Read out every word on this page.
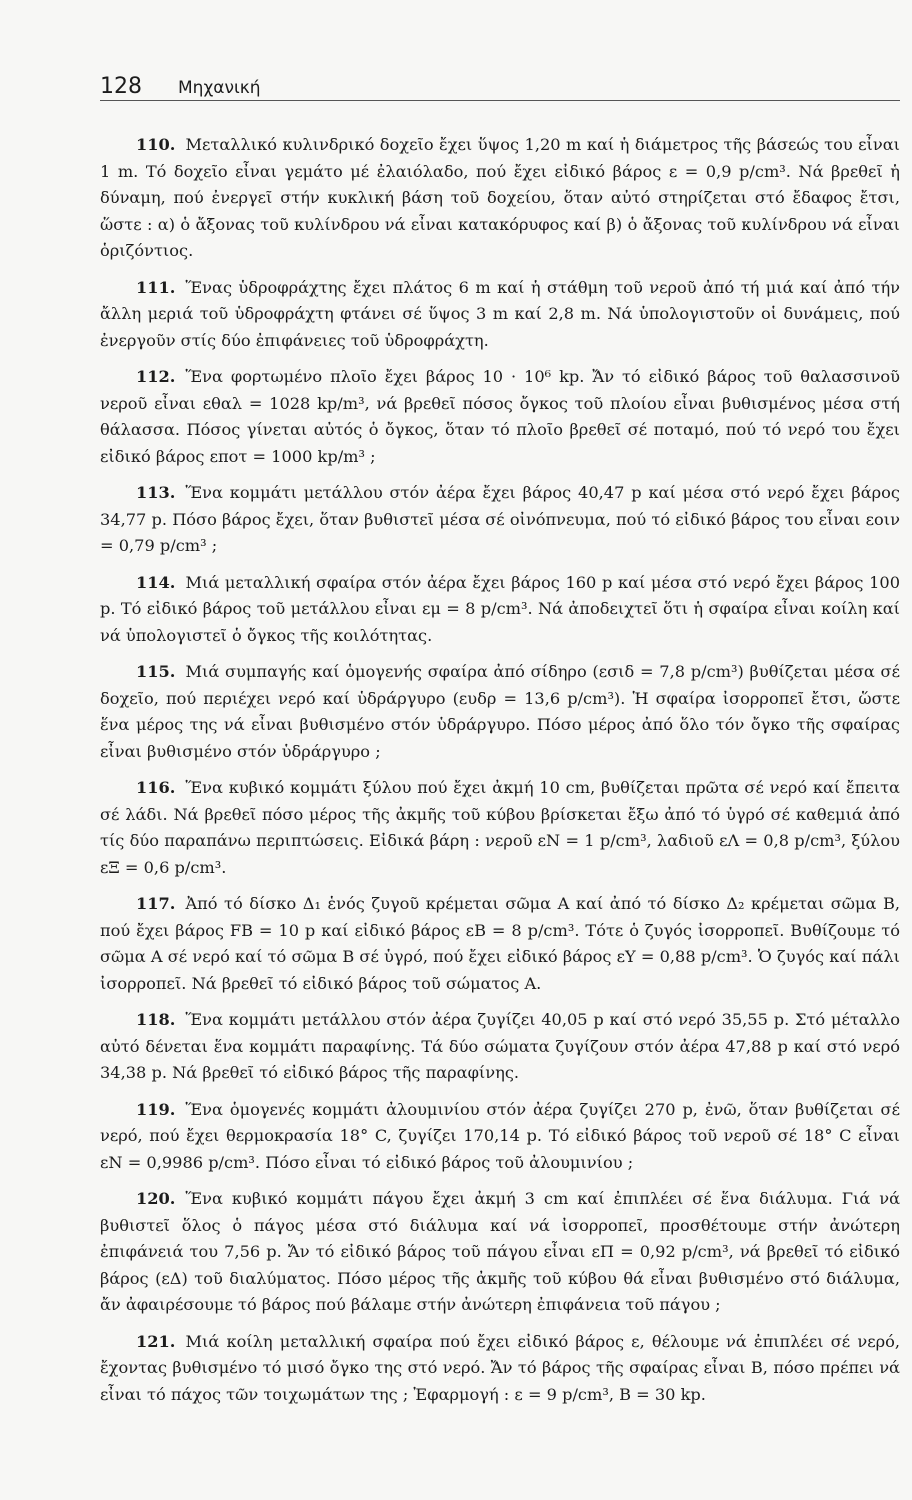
128 Μηχανική

110. Μεταλλικό κυλινδρικό δοχεῖο ἔχει ὕψος 1,20 m καί ἡ διάμετρος τῆς βάσεώς του εἶναι 1 m. Τό δοχεῖο εἶναι γεμάτο μέ ἐλαιόλαδο, πού ἔχει εἰδικό βάρος ε = 0,9 p/cm³. Νά βρεθεῖ ἡ δύναμη, πού ἐνεργεῖ στήν κυκλική βάση τοῦ δοχείου, ὅταν αὐτό στηρίζεται στό ἔδαφος ἔτσι, ὥστε : α) ὁ ἄξονας τοῦ κυλίνδρου νά εἶναι κατακόρυφος καί β) ὁ ἄξονας τοῦ κυλίνδρου νά εἶναι ὁριζόντιος.

111. Ἕνας ὑδροφράχτης ἔχει πλάτος 6 m καί ἡ στάθμη τοῦ νεροῦ ἀπό τή μιά καί ἀπό τήν ἄλλη μεριά τοῦ ὑδροφράχτη φτάνει σέ ὕψος 3 m καί 2,8 m. Νά ὑπολογιστοῦν οἱ δυνάμεις, πού ἐνεργοῦν στίς δύο ἐπιφάνειες τοῦ ὑδροφράχτη.

112. Ἕνα φορτωμένο πλοῖο ἔχει βάρος 10 · 10⁶ kp. Ἄν τό εἰδικό βάρος τοῦ θαλασσινοῦ νεροῦ εἶναι εθαλ = 1028 kp/m³, νά βρεθεῖ πόσος ὄγκος τοῦ πλοίου εἶναι βυθισμένος μέσα στή θάλασσα. Πόσος γίνεται αὐτός ὁ ὄγκος, ὅταν τό πλοῖο βρεθεῖ σέ ποταμό, πού τό νερό του ἔχει εἰδικό βάρος εποτ = 1000 kp/m³ ;

113. Ἕνα κομμάτι μετάλλου στόν ἀέρα ἔχει βάρος 40,47 p καί μέσα στό νερό ἔχει βάρος 34,77 p. Πόσο βάρος ἔχει, ὅταν βυθιστεῖ μέσα σέ οἰνόπνευμα, πού τό εἰδικό βάρος του εἶναι εοιν = 0,79 p/cm³ ;

114. Μιά μεταλλική σφαίρα στόν ἀέρα ἔχει βάρος 160 p καί μέσα στό νερό ἔχει βάρος 100 p. Τό εἰδικό βάρος τοῦ μετάλλου εἶναι εμ = 8 p/cm³. Νά ἀποδειχτεῖ ὅτι ἡ σφαίρα εἶναι κοίλη καί νά ὑπολογιστεῖ ὁ ὄγκος τῆς κοιλότητας.

115. Μιά συμπαγής καί ὁμογενής σφαίρα ἀπό σίδηρο (εσιδ = 7,8 p/cm³) βυθίζεται μέσα σέ δοχεῖο, πού περιέχει νερό καί ὑδράργυρο (ευδρ = 13,6 p/cm³). Ἡ σφαίρα ἰσορροπεῖ ἔτσι, ὥστε ἕνα μέρος της νά εἶναι βυθισμένο στόν ὑδράργυρο. Πόσο μέρος ἀπό ὅλο τόν ὄγκο τῆς σφαίρας εἶναι βυθισμένο στόν ὑδράργυρο ;

116. Ἕνα κυβικό κομμάτι ξύλου πού ἔχει ἀκμή 10 cm, βυθίζεται πρῶτα σέ νερό καί ἔπειτα σέ λάδι. Νά βρεθεῖ πόσο μέρος τῆς ἀκμῆς τοῦ κύβου βρίσκεται ἔξω ἀπό τό ὑγρό σέ καθεμιά ἀπό τίς δύο παραπάνω περιπτώσεις. Εἰδικά βάρη : νεροῦ εN = 1 p/cm³, λαδιοῦ εΛ = 0,8 p/cm³, ξύλου εΞ = 0,6 p/cm³.

117. Ἀπό τό δίσκο Δ₁ ἑνός ζυγοῦ κρέμεται σῶμα Α καί ἀπό τό δίσκο Δ₂ κρέμεται σῶμα Β, πού ἔχει βάρος FB = 10 p καί εἰδικό βάρος εB = 8 p/cm³. Τότε ὁ ζυγός ἰσορροπεῖ. Βυθίζουμε τό σῶμα Α σέ νερό καί τό σῶμα Β σέ ὑγρό, πού ἔχει εἰδικό βάρος εY = 0,88 p/cm³. Ὁ ζυγός καί πάλι ἰσορροπεῖ. Νά βρεθεῖ τό εἰδικό βάρος τοῦ σώματος Α.

118. Ἕνα κομμάτι μετάλλου στόν ἀέρα ζυγίζει 40,05 p καί στό νερό 35,55 p. Στό μέταλλο αὐτό δένεται ἕνα κομμάτι παραφίνης. Τά δύο σώματα ζυγίζουν στόν ἀέρα 47,88 p καί στό νερό 34,38 p. Νά βρεθεῖ τό εἰδικό βάρος τῆς παραφίνης.

119. Ἕνα ὁμογενές κομμάτι ἀλουμινίου στόν ἀέρα ζυγίζει 270 p, ἐνῶ, ὅταν βυθίζεται σέ νερό, πού ἔχει θερμοκρασία 18° C, ζυγίζει 170,14 p. Τό εἰδικό βάρος τοῦ νεροῦ σέ 18° C εἶναι εN = 0,9986 p/cm³. Πόσο εἶναι τό εἰδικό βάρος τοῦ ἀλουμινίου ;

120. Ἕνα κυβικό κομμάτι πάγου ἔχει ἀκμή 3 cm καί ἐπιπλέει σέ ἕνα διάλυμα. Γιά νά βυθιστεῖ ὅλος ὁ πάγος μέσα στό διάλυμα καί νά ἰσορροπεῖ, προσθέτουμε στήν ἀνώτερη ἐπιφάνειά του 7,56 p. Ἄν τό εἰδικό βάρος τοῦ πάγου εἶναι εΠ = 0,92 p/cm³, νά βρεθεῖ τό εἰδικό βάρος (εΔ) τοῦ διαλύματος. Πόσο μέρος τῆς ἀκμῆς τοῦ κύβου θά εἶναι βυθισμένο στό διάλυμα, ἄν ἀφαιρέσουμε τό βάρος πού βάλαμε στήν ἀνώτερη ἐπιφάνεια τοῦ πάγου ;

121. Μιά κοίλη μεταλλική σφαίρα πού ἔχει εἰδικό βάρος ε, θέλουμε νά ἐπιπλέει σέ νερό, ἔχοντας βυθισμένο τό μισό ὄγκο της στό νερό. Ἄν τό βάρος τῆς σφαίρας εἶναι Β, πόσο πρέπει νά εἶναι τό πάχος τῶν τοιχωμάτων της ; Ἐφαρμογή : ε = 9 p/cm³, Β = 30 kp.
